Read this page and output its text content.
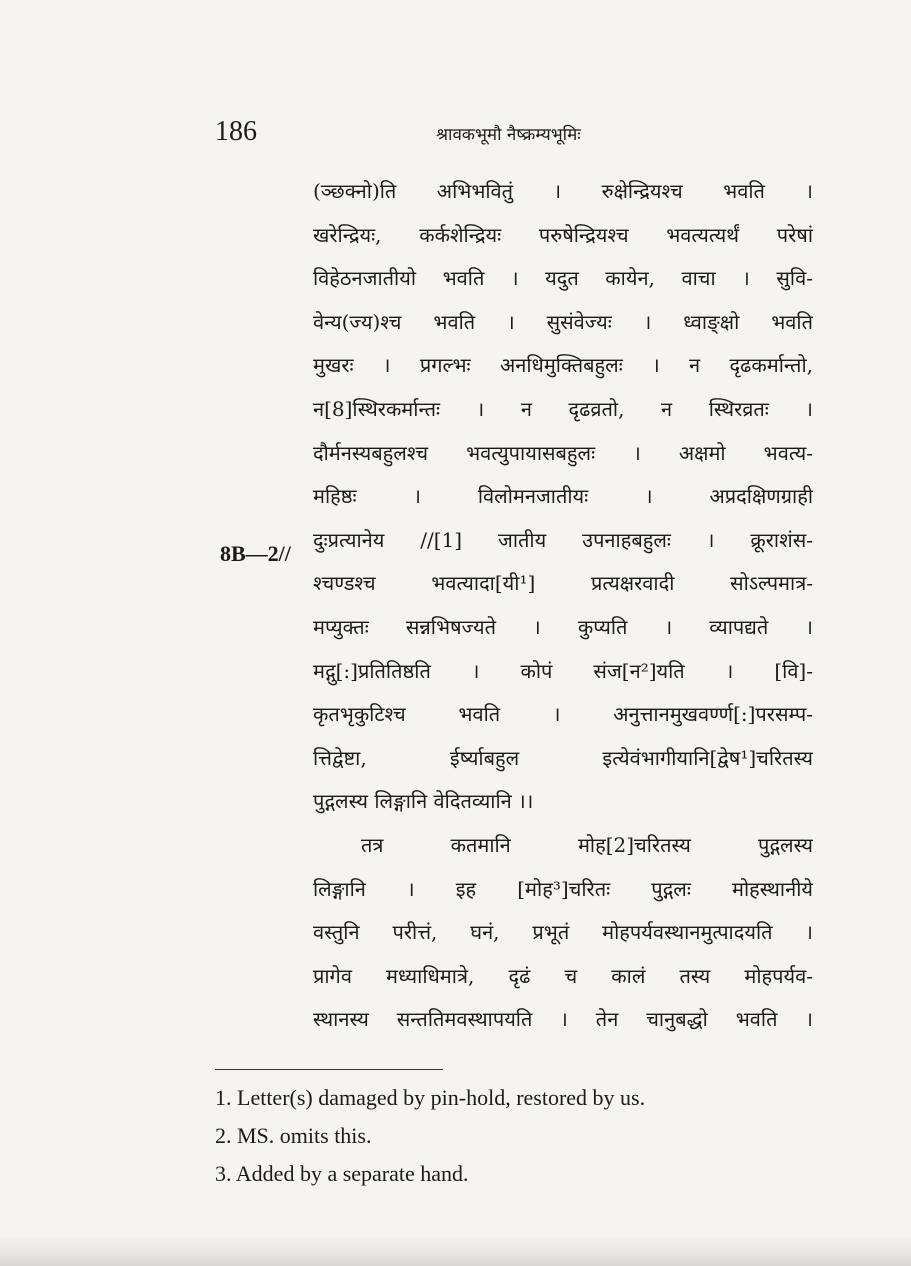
186	श्रावकभूमौ नैष्क्रम्यभूमिः
8B—2//
(ञ्छक्नो)ति अभिभवितुं । रुक्षेन्द्रियश्च भवति ।
खरेन्द्रियः, कर्कशेन्द्रियः परुषेन्द्रियश्च भवत्यत्यर्थं परेषां
विहेठनजातीयो भवति । यदुत कायेन, वाचा । सुवि-
वेन्य(ज्य)श्च भवति । सुसंवेज्यः । ध्वाङ्क्षो भवति
मुखरः । प्रगल्भः अनधिमुक्तिबहुलः । न दृढकर्मान्तो,
न[8]स्थिरकर्मान्तः । न दृढव्रतो, न स्थिरव्रतः ।
दौर्मनस्यबहुलश्च भवत्युपायासबहुलः । अक्षमो भवत्य-
महिष्ठः । विलोमनजातीयः । अप्रदक्षिणग्राही
दुःप्रत्यानेय //[1] जातीय उपनाहबहुलः । क्रूराशंस-
श्चण्डश्च भवत्यादा[यी¹] प्रत्यक्षरवादी सोऽल्पमात्र-
मप्युक्तः सन्नभिषज्यते । कुप्यति । व्यापद्यते ।
मद्गु[:]प्रतितिष्ठति । कोपं संज[न²]यति । [वि]-
कृतभृकुटिश्च भवति । अनुत्तानमुखवर्ण्ण[:]परसम्प-
त्तिद्वेष्टा, ईर्ष्याबहुल इत्येवंभागीयानि[द्वेष¹]चरितस्य
पुद्गलस्य लिङ्गानि वेदितव्यानि ।।
तत्र कतमानि मोह[2]चरितस्य पुद्गलस्य
लिङ्गानि । इह [मोह³]चरितः पुद्गलः मोहस्थानीये
वस्तुनि परीत्तं, घनं, प्रभूतं मोहपर्यवस्थानमुत्पादयति ।
प्रागेव मध्याधिमात्रे, दृढं च कालं तस्य मोहपर्यव-
स्थानस्य सन्ततिमवस्थापयति । तेन चानुबद्धो भवति ।
1. Letter(s) damaged by pin-hold, restored by us.
2. MS. omits this.
3. Added by a separate hand.
